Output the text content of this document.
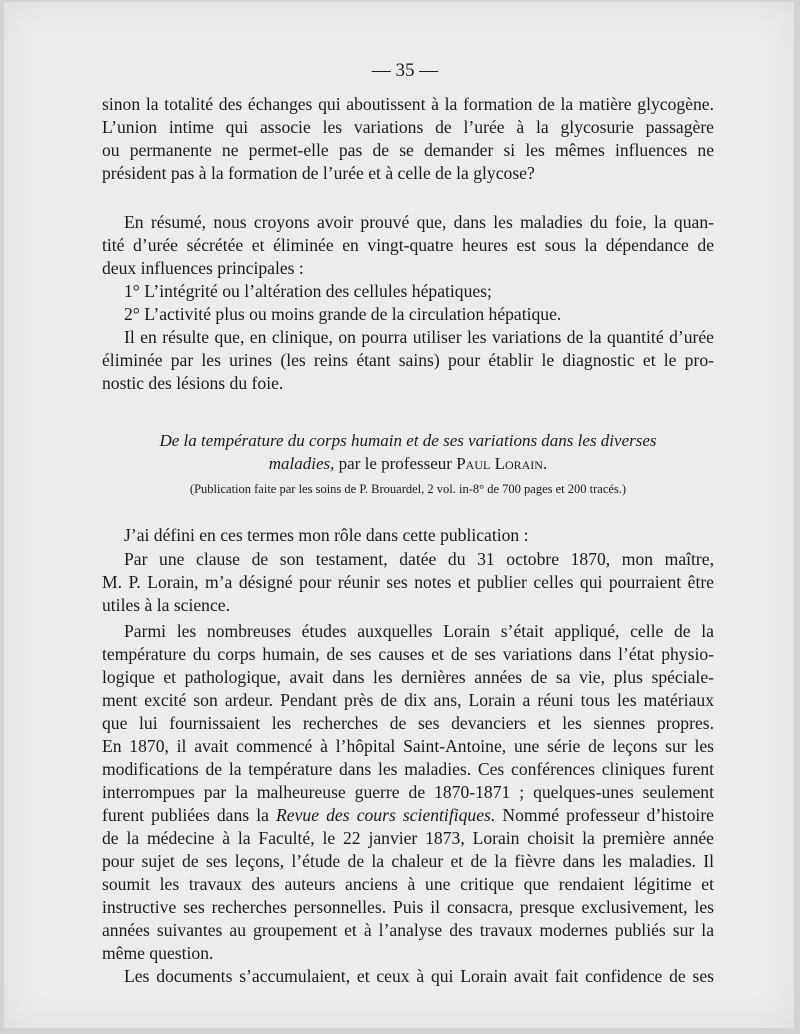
— 35 —
sinon la totalité des échanges qui aboutissent à la formation de la matière glycogène.
L’union intime qui associe les variations de l’urée à la glycosurie passagère
ou permanente ne permet-elle pas de se demander si les mêmes influences ne
président pas à la formation de l’urée et à celle de la glycose?
En résumé, nous croyons avoir prouvé que, dans les maladies du foie, la quan-
tité d’urée sécrétée et éliminée en vingt-quatre heures est sous la dépendance de
deux influences principales :
1° L’intégrité ou l’altération des cellules hépatiques;
2° L’activité plus ou moins grande de la circulation hépatique.
Il en résulte que, en clinique, on pourra utiliser les variations de la quantité d’urée
éliminée par les urines (les reins étant sains) pour établir le diagnostic et le pro-
nostic des lésions du foie.
De la température du corps humain et de ses variations dans les diverses
maladies, par le professeur Paul Lorain.
(Publication faite par les soins de P. Brouardel, 2 vol. in-8° de 700 pages et 200 tracés.)
J’ai défini en ces termes mon rôle dans cette publication :
Par une clause de son testament, datée du 31 octobre 1870, mon maître,
M. P. Lorain, m’a désigné pour réunir ses notes et publier celles qui pourraient être
utiles à la science.
Parmi les nombreuses études auxquelles Lorain s’était appliqué, celle de la
température du corps humain, de ses causes et de ses variations dans l’état physio-
logique et pathologique, avait dans les dernières années de sa vie, plus spéciale-
ment excité son ardeur. Pendant près de dix ans, Lorain a réuni tous les matériaux
que lui fournissaient les recherches de ses devanciers et les siennes propres.
En 1870, il avait commencé à l’hôpital Saint-Antoine, une série de leçons sur les
modifications de la température dans les maladies. Ces conférences cliniques furent
interrompues par la malheureuse guerre de 1870-1871 ; quelques-unes seulement
furent publiées dans la Revue des cours scientifiques. Nommé professeur d’histoire
de la médecine à la Faculté, le 22 janvier 1873, Lorain choisit la première année
pour sujet de ses leçons, l’étude de la chaleur et de la fièvre dans les maladies. Il
soumit les travaux des auteurs anciens à une critique que rendaient légitime et
instructive ses recherches personnelles. Puis il consacra, presque exclusivement, les
années suivantes au groupement et à l’analyse des travaux modernes publiés sur la
même question.
Les documents s’accumulaient, et ceux à qui Lorain avait fait confidence de ses
